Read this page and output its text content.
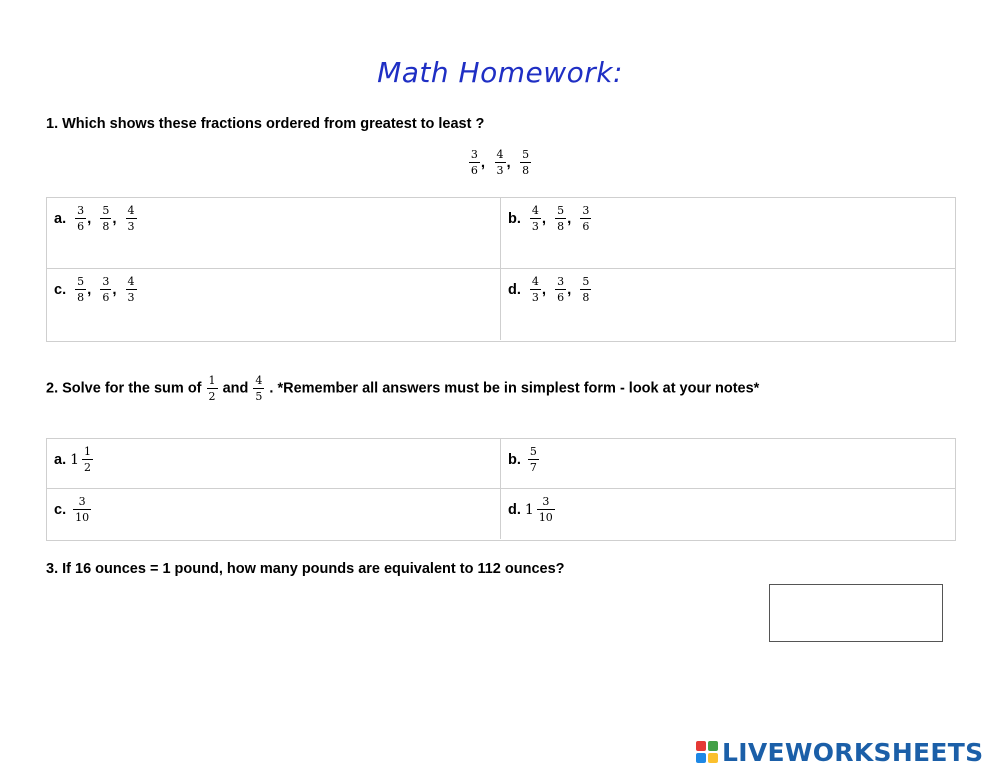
Math Homework:
1. Which shows these fractions ordered from greatest to least ?
$\frac{3}{6}$ , $\frac{4}{3}$ , $\frac{5}{8}$
a. $\frac{3}{6}$ , $\frac{5}{8}$ , $\frac{4}{3}$	b. $\frac{4}{3}$ , $\frac{5}{8}$ , $\frac{3}{6}$
c. $\frac{5}{8}$ , $\frac{3}{6}$ , $\frac{4}{3}$	d. $\frac{4}{3}$ , $\frac{3}{6}$ , $\frac{5}{8}$
2. Solve for the sum of $\frac{1}{2}$ and $\frac{4}{5}$ . *Remember all answers must be in simplest form - look at your notes*
a. $1 \frac{1}{2}$	b. $\frac{5}{7}$
c. $\frac{3}{10}$	d. $1 \frac{3}{10}$
3. If 16 ounces = 1 pound, how many pounds are equivalent to 112 ounces?
LIVEWORKSHEETS
